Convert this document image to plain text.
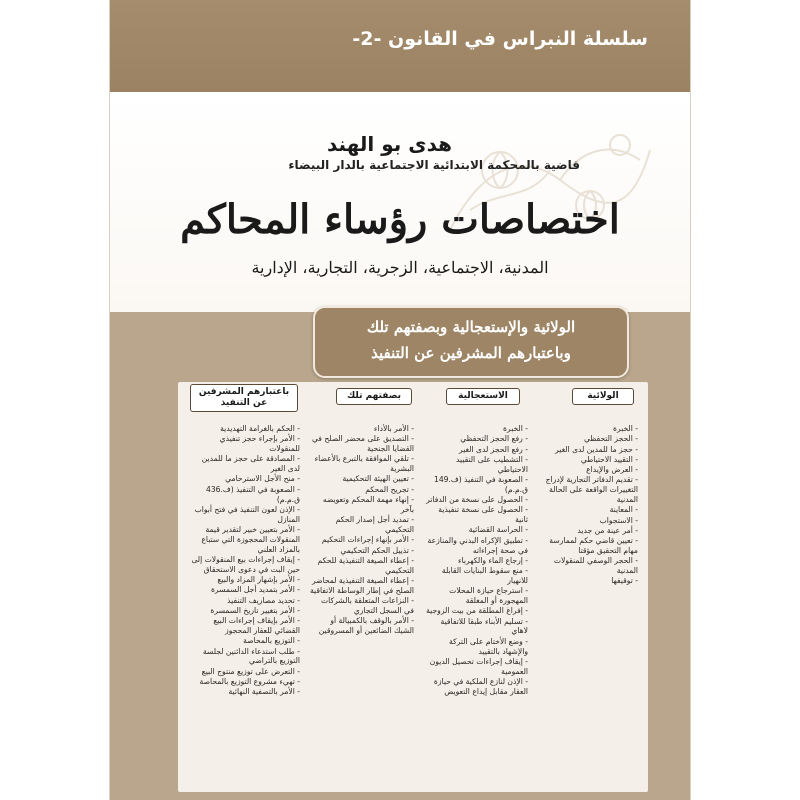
سلسلة النبراس في القانون -2-
هدى بو الهند
قاضية بالمحكمة الابتدائية الاجتماعية بالدار البيضاء
اختصاصات رؤساء المحاكم
المدنية، الاجتماعية، الزجرية، التجارية، الإدارية
الولائية والإستعجالية وبصفتهم تلك
وباعتبارهم المشرفين عن التنفيذ
الولائية
الاستعجالية
بصفتهم تلك
باعتبارهم المشرفين عن التنفيذ
- الخبرة
- الحجز التحفظي
- حجز ما للمدين لدى الغير
- التقييد الاحتياطي
- العرض والإيداع
- تقديم الدفاتر التجارية لإدراج التغييرات الواقعة على الحالة المدنية
- المعاينة
- الاستجواب
- أمر عينة من جديد
- تعيين قاضي حكم لممارسة مهام التحقيق مؤقتا
- الحجر الوصفي للمنقولات المدنية
- توقيفها
- الخبرة
- رفع الحجز التحفظي
- رفع الحجز لدى الغير
- التشطيب على التقييد الاحتياطي
- الصعوبة في التنفيذ (ف.149 ق.م.م)
- الحصول على نسخة من الدفاتر
- الحصول على نسخة تنفيذية ثانية
- الحراسة القضائية
- تطبيق الإكراه البدني والمنازعة في صحة إجراءاته
- إرجاع الماء والكهرباء
- منع سقوط البنايات القابلة للانهيار
- استرجاع حيازة المحلات المهجورة أو المغلقة
- إفراغ المطلقة من بيت الزوجية
- تسليم الأبناء طبقا للاتفاقية لاهاي
- وضع الأختام على التركة والإشهاد بالتقييد
- إيقاف إجراءات تحصيل الديون العمومية
- الإذن لنازع الملكية في حيازة العقار مقابل إيداع التعويض
- الأمر بالأداء
- التصديق على محضر الصلح في القضايا الجنحية
- تلقي الموافقة بالتبرع بالأعضاء البشرية
- تعيين الهيئة التحكيمية
- تجريح المحكم
- إنهاء مهمة المحكم وتعويضه بآخر
- تمديد أجل إصدار الحكم التحكيمي
- الأمر بإنهاء إجراءات التحكيم
- تذييل الحكم التحكيمي
- إعطاء الصيغة التنفيذية للحكم التحكيمي
- إعطاء الصيغة التنفيذية لمحاضر الصلح في إطار الوساطة الاتفاقية
- النزاعات المتعلقة بالشركات في السجل التجاري
- الأمر بالوقف بالكمبيالة أو الشيك الضائعين أو المسروقين
- الحكم بالغرامة التهديدية
- الأمر بإجراء حجز تنفيذي للمنقولات
- المصادقة على حجز ما للمدين لدى الغير
- منح الأجل الاسترحامي
- الصعوبة في التنفيذ (ف.436 ق.م.م)
- الإذن لعون التنفيذ في فتح أبواب المنازل
- الأمر بتعيين خبير لتقدير قيمة المنقولات المحجوزة التي ستباع بالمزاد العلني
- إيقاف إجراءات بيع المنقولات إلى حين البت في دعوى الاستحقاق
- الأمر بإشهار المزاد والبيع
- الأمر بتمديد أجل السمسرة
- تحديد مصاريف التنفيذ
- الأمر بتغيير تاريخ السمسرة
- الأمر بإيقاف إجراءات البيع القضائي للعقار المحجوز
- التوزيع بالمحاصة
- طلب استدعاء الدائنين لجلسة التوزيع بالتراضي
- التعرض على توزيع منتوج البيع
- تهيء مشروع التوزيع بالمحاصة
- الأمر بالتصفية النهائية
